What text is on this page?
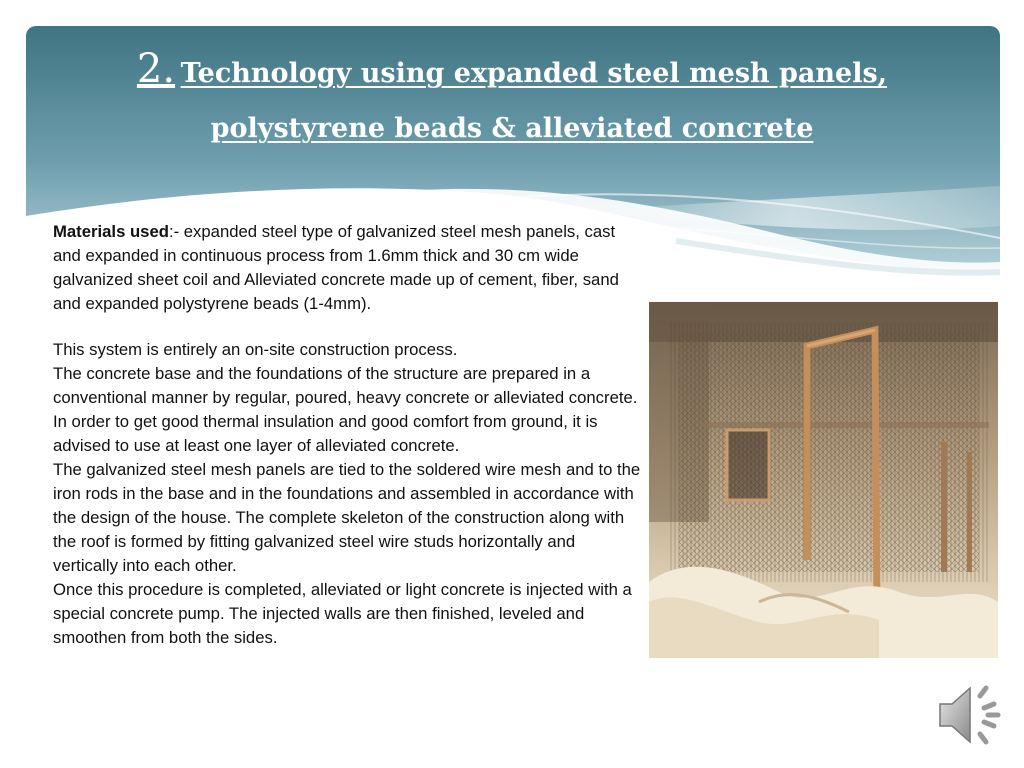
2. Technology using expanded steel mesh panels,
polystyrene beads & alleviated concrete

Materials used:- expanded steel type of galvanized steel mesh panels, cast and expanded in continuous process from 1.6mm thick and 30 cm wide galvanized sheet coil and Alleviated concrete made up of cement, fiber, sand and expanded polystyrene beads (1-4mm).

This system is entirely an on-site construction process.

The concrete base and the foundations of the structure are prepared in a conventional manner by regular, poured, heavy concrete or alleviated concrete. In order to get good thermal insulation and good comfort from ground, it is advised to use at least one layer of alleviated concrete.

The galvanized steel mesh panels are tied to the soldered wire mesh and to the iron rods in the base and in the foundations and assembled in accordance with the design of the house. The complete skeleton of the construction along with the roof is formed by fitting galvanized steel wire studs horizontally and vertically into each other.

Once this procedure is completed, alleviated or light concrete is injected with a special concrete pump. The injected walls are then finished, leveled and smoothen from both the sides.
